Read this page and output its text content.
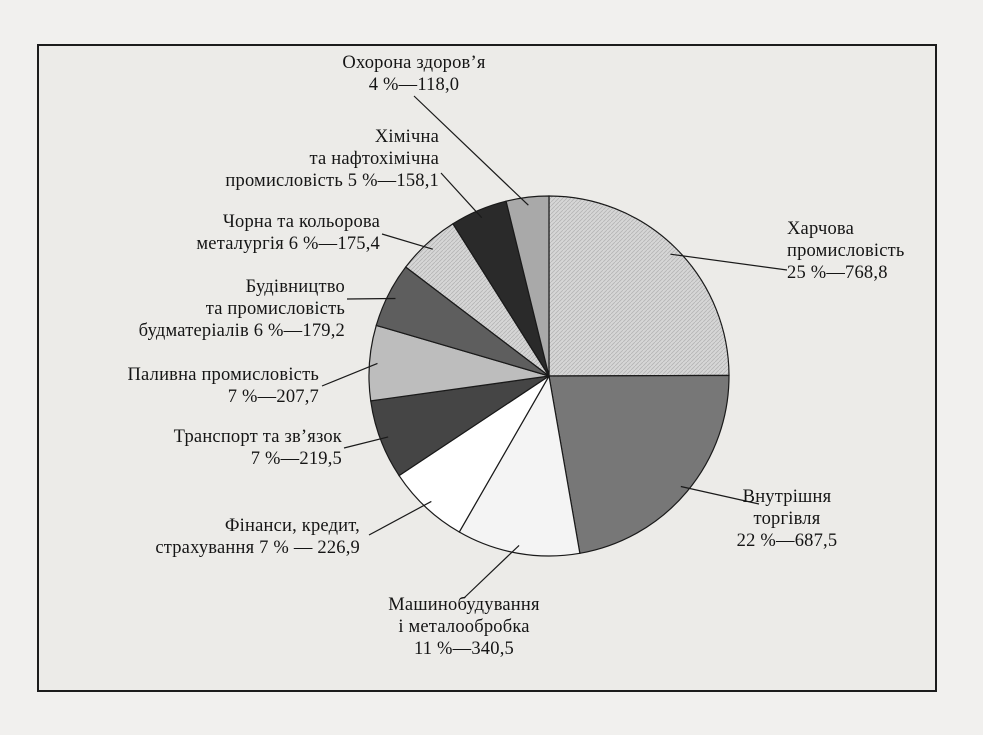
Харчова
промисловість
25 %—768,8
Внутрішня
торгівля
22 %—687,5
Машинобудування
і металообробка
11 %—340,5
Фінанси, кредит,
страхування 7 % — 226,9
Транспорт та зв’язок
7 %—219,5
Паливна промисловість
7 %—207,7
Будівництво
та промисловість
будматеріалів 6 %—179,2
Чорна та кольорова
металургія 6 %—175,4
Хімічна
та нафтохімічна
промисловість 5 %—158,1
Охорона здоров’я
4 %—118,0
